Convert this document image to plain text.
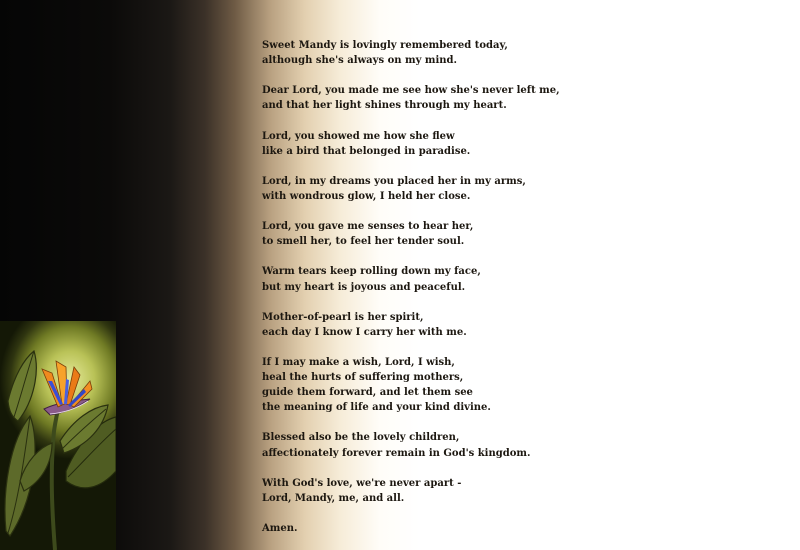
Sweet Mandy is lovingly remembered today,
although she's always on my mind.
Dear Lord, you made me see how she's never left me,
and that her light shines through my heart.
Lord, you showed me how she flew
like a bird that belonged in paradise.
Lord, in my dreams you placed her in my arms,
with wondrous glow, I held her close.
Lord, you gave me senses to hear her,
to smell her, to feel her tender soul.
Warm tears keep rolling down my face,
but my heart is joyous and peaceful.
Mother-of-pearl is her spirit,
each day I know I carry her with me.
If I may make a wish, Lord, I wish,
heal the hurts of suffering mothers,
guide them forward, and let them see
the meaning of life and your kind divine.
Blessed also be the lovely children,
affectionately forever remain in God's kingdom.
With God's love, we're never apart -
Lord, Mandy, me, and all.
Amen.
